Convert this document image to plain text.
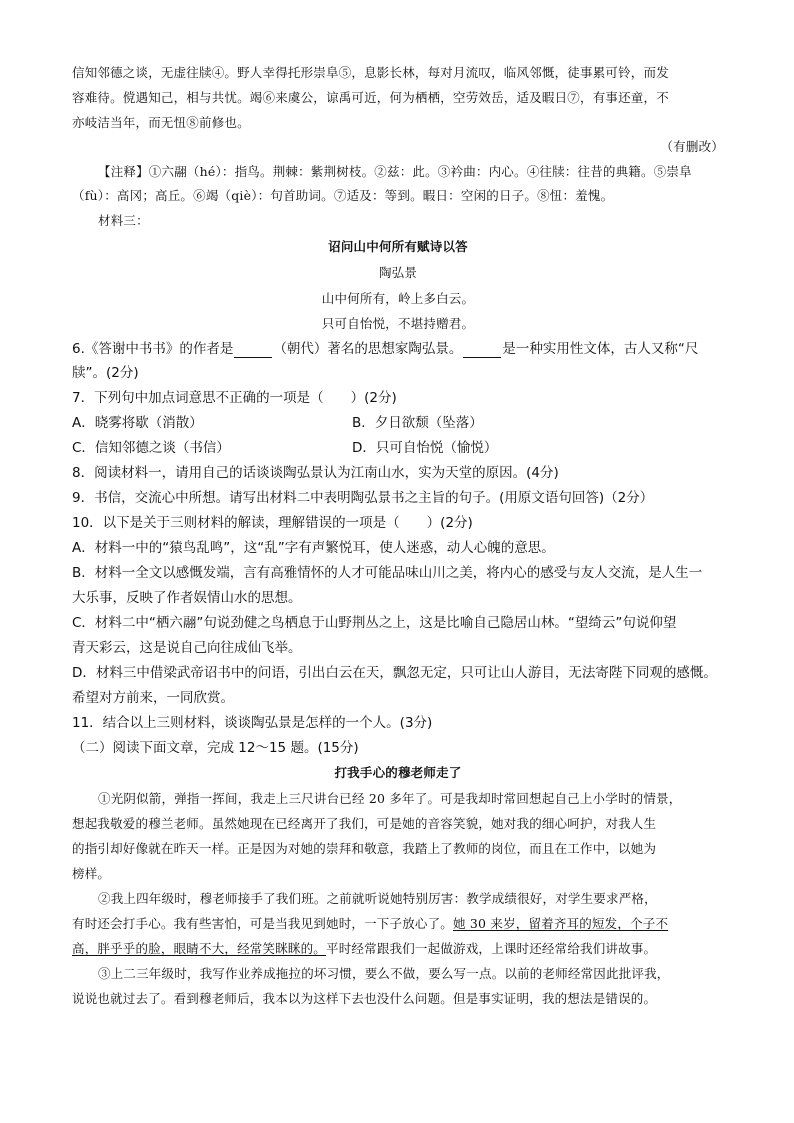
信知邻德之谈，无虚往牍④。野人幸得托形崇阜⑤，息影长林，每对月流叹，临风邻慨，徒事累可铃，而发
容难待。傥遇知己，相与共忧。竭⑥来虞公，谅禹可近，何为栖栖，空劳效岳，适及暇日⑦，有事还童，不
亦岐洁当年，而无忸⑧前修也。
（有删改）
【注释】①六翮（hé）：指鸟。荆棘：紫荆树枝。②兹：此。③衿曲：内心。④往牍：往昔的典籍。⑤崇阜
（fù）：高冈；高丘。⑥竭（qiè）：句首助词。⑦适及：等到。暇日：空闲的日子。⑧忸：羞愧。
材料三：
诏问山中何所有赋诗以答
陶弘景
山中何所有，岭上多白云。
只可自怡悦，不堪持赠君。
6.《答谢中书书》的作者是	（朝代）著名的思想家陶弘景。	是一种实用性文体，古人又称“尺
牍”。(2分)
7．下列句中加点词意思不正确的一项是（　　）(2分)
A．晓雾将歇（消散）	B．夕日欲颓（坠落）
C．信知邻德之谈（书信）	D．只可自怡悦（愉悦）
8．阅读材料一，请用自己的话谈谈陶弘景认为江南山水，实为天堂的原因。(4分)
9．书信，交流心中所想。请写出材料二中表明陶弘景书之主旨的句子。(用原文语句回答)（2分）
10．以下是关于三则材料的解读，理解错误的一项是（　　）(2分)
A．材料一中的“猿鸟乱鸣”，这“乱”字有声繁悦耳，使人迷惑，动人心魄的意思。
B．材料一全文以感慨发端，言有高雅情怀的人才可能品味山川之美，将内心的感受与友人交流，是人生一
大乐事，反映了作者娱情山水的思想。
C．材料二中“栖六翮”句说劲健之鸟栖息于山野荆丛之上，这是比喻自己隐居山林。“望绮云”句说仰望
青天彩云，这是说自己向往成仙飞举。
D．材料三中借梁武帝诏书中的问语，引出白云在天，飘忽无定，只可让山人游目，无法寄陛下同观的感慨。
希望对方前来，一同欣赏。
11．结合以上三则材料，谈谈陶弘景是怎样的一个人。(3分)
（二）阅读下面文章，完成 12～15 题。(15分)
打我手心的穆老师走了
①光阴似箭，弹指一挥间，我走上三尺讲台已经 20 多年了。可是我却时常回想起自己上小学时的情景，
想起我敬爱的穆兰老师。虽然她现在已经离开了我们，可是她的音容笑貌，她对我的细心呵护，对我人生
的指引却好像就在昨天一样。正是因为对她的崇拜和敬意，我踏上了教师的岗位，而且在工作中，以她为
榜样。
②我上四年级时，穆老师接手了我们班。之前就听说她特别厉害：教学成绩很好，对学生要求严格，
有时还会打手心。我有些害怕，可是当我见到她时，一下子放心了。她 30 来岁，留着齐耳的短发，个子不
高，胖乎乎的脸，眼睛不大，经常笑眯眯的。平时经常跟我们一起做游戏，上课时还经常给我们讲故事。
③上二三年级时，我写作业养成拖拉的坏习惯，要么不做，要么写一点。以前的老师经常因此批评我，
说说也就过去了。看到穆老师后，我本以为这样下去也没什么问题。但是事实证明，我的想法是错误的。
